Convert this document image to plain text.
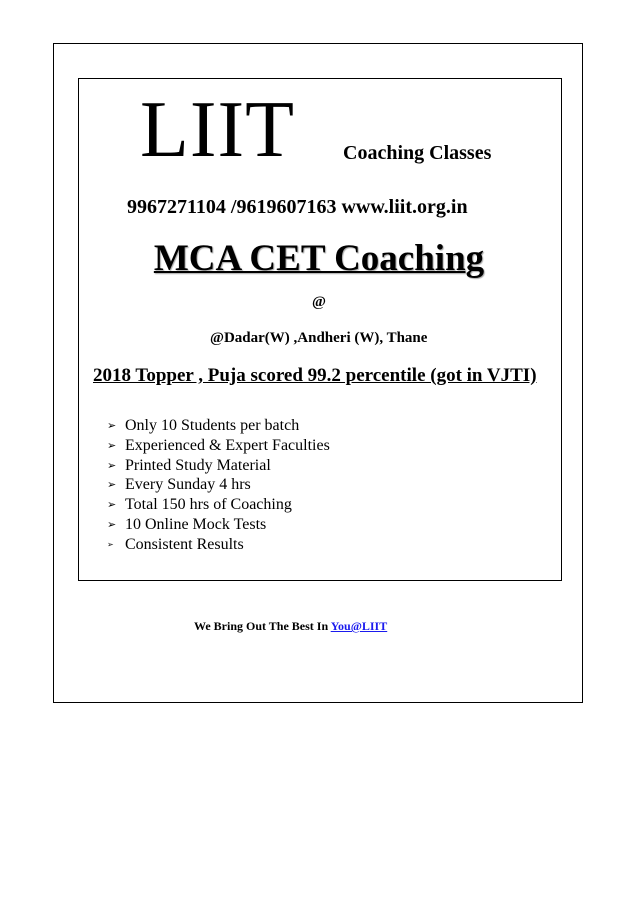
LIIT Coaching Classes
9967271104 /9619607163 www.liit.org.in
MCA CET Coaching
@
@Dadar(W) ,Andheri (W), Thane
2018 Topper , Puja scored 99.2 percentile (got in VJTI)
➢ Only 10 Students per batch
➢ Experienced & Expert Faculties
➢ Printed Study Material
➢ Every Sunday 4 hrs
➢ Total 150 hrs of Coaching
➢ 10 Online Mock Tests
➢ Consistent Results
We Bring Out The Best In You@LIIT
